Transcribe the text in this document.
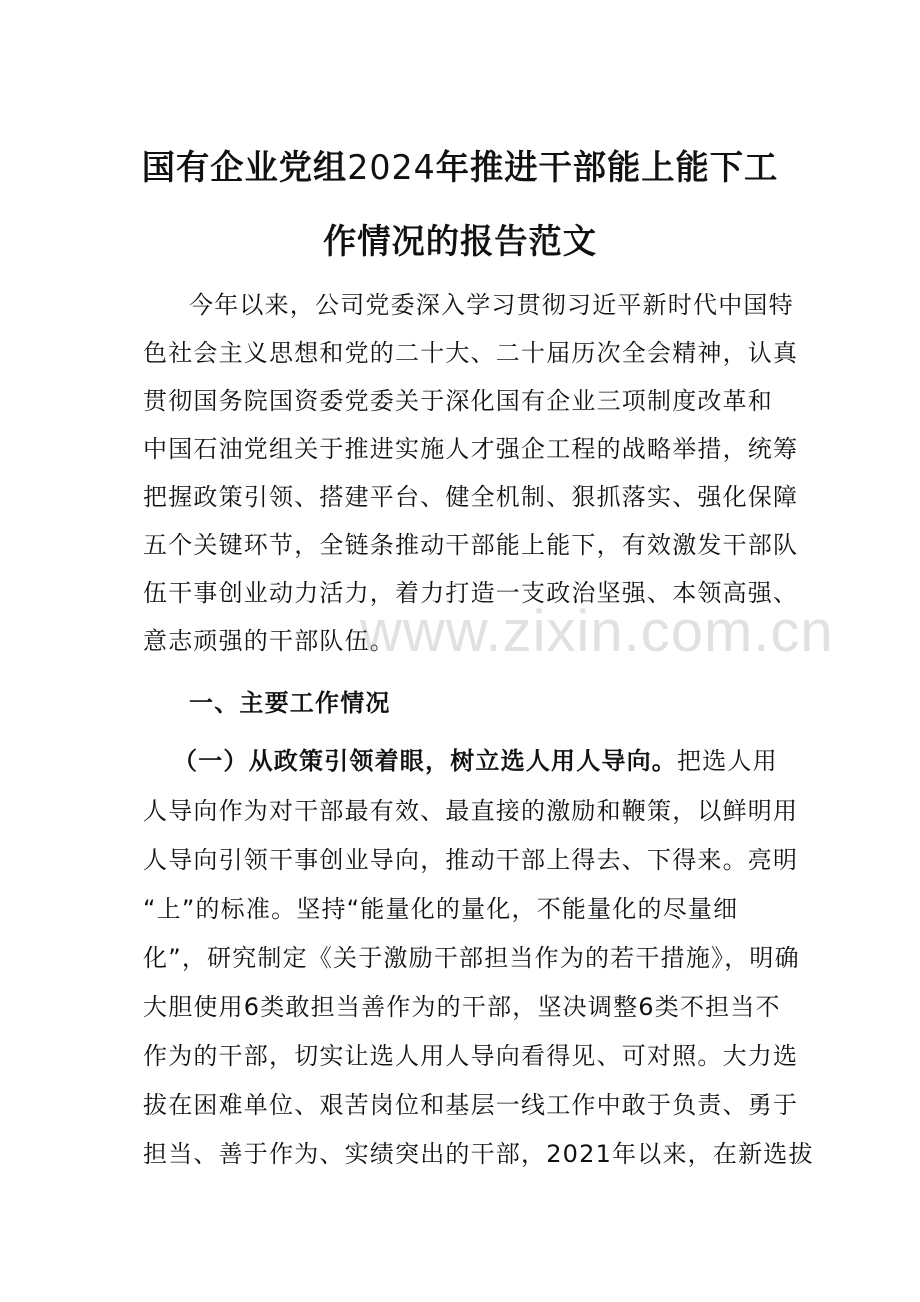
国有企业党组2024年推进干部能上能下工
作情况的报告范文
今年以来，公司党委深入学习贯彻习近平新时代中国特
色社会主义思想和党的二十大、二十届历次全会精神，认真
贯彻国务院国资委党委关于深化国有企业三项制度改革和
中国石油党组关于推进实施人才强企工程的战略举措，统筹
把握政策引领、搭建平台、健全机制、狠抓落实、强化保障
五个关键环节，全链条推动干部能上能下，有效激发干部队
伍干事创业动力活力，着力打造一支政治坚强、本领高强、
意志顽强的干部队伍。
一、主要工作情况
（一）从政策引领着眼，树立选人用人导向。把选人用
人导向作为对干部最有效、最直接的激励和鞭策，以鲜明用
人导向引领干事创业导向，推动干部上得去、下得来。亮明
“上”的标准。坚持“能量化的量化，不能量化的尽量细
化”，研究制定《关于激励干部担当作为的若干措施》，明确
大胆使用6类敢担当善作为的干部，坚决调整6类不担当不
作为的干部，切实让选人用人导向看得见、可对照。大力选
拔在困难单位、艰苦岗位和基层一线工作中敢于负责、勇于
担当、善于作为、实绩突出的干部，2021年以来，在新选拔
www.zixin.com.cn
